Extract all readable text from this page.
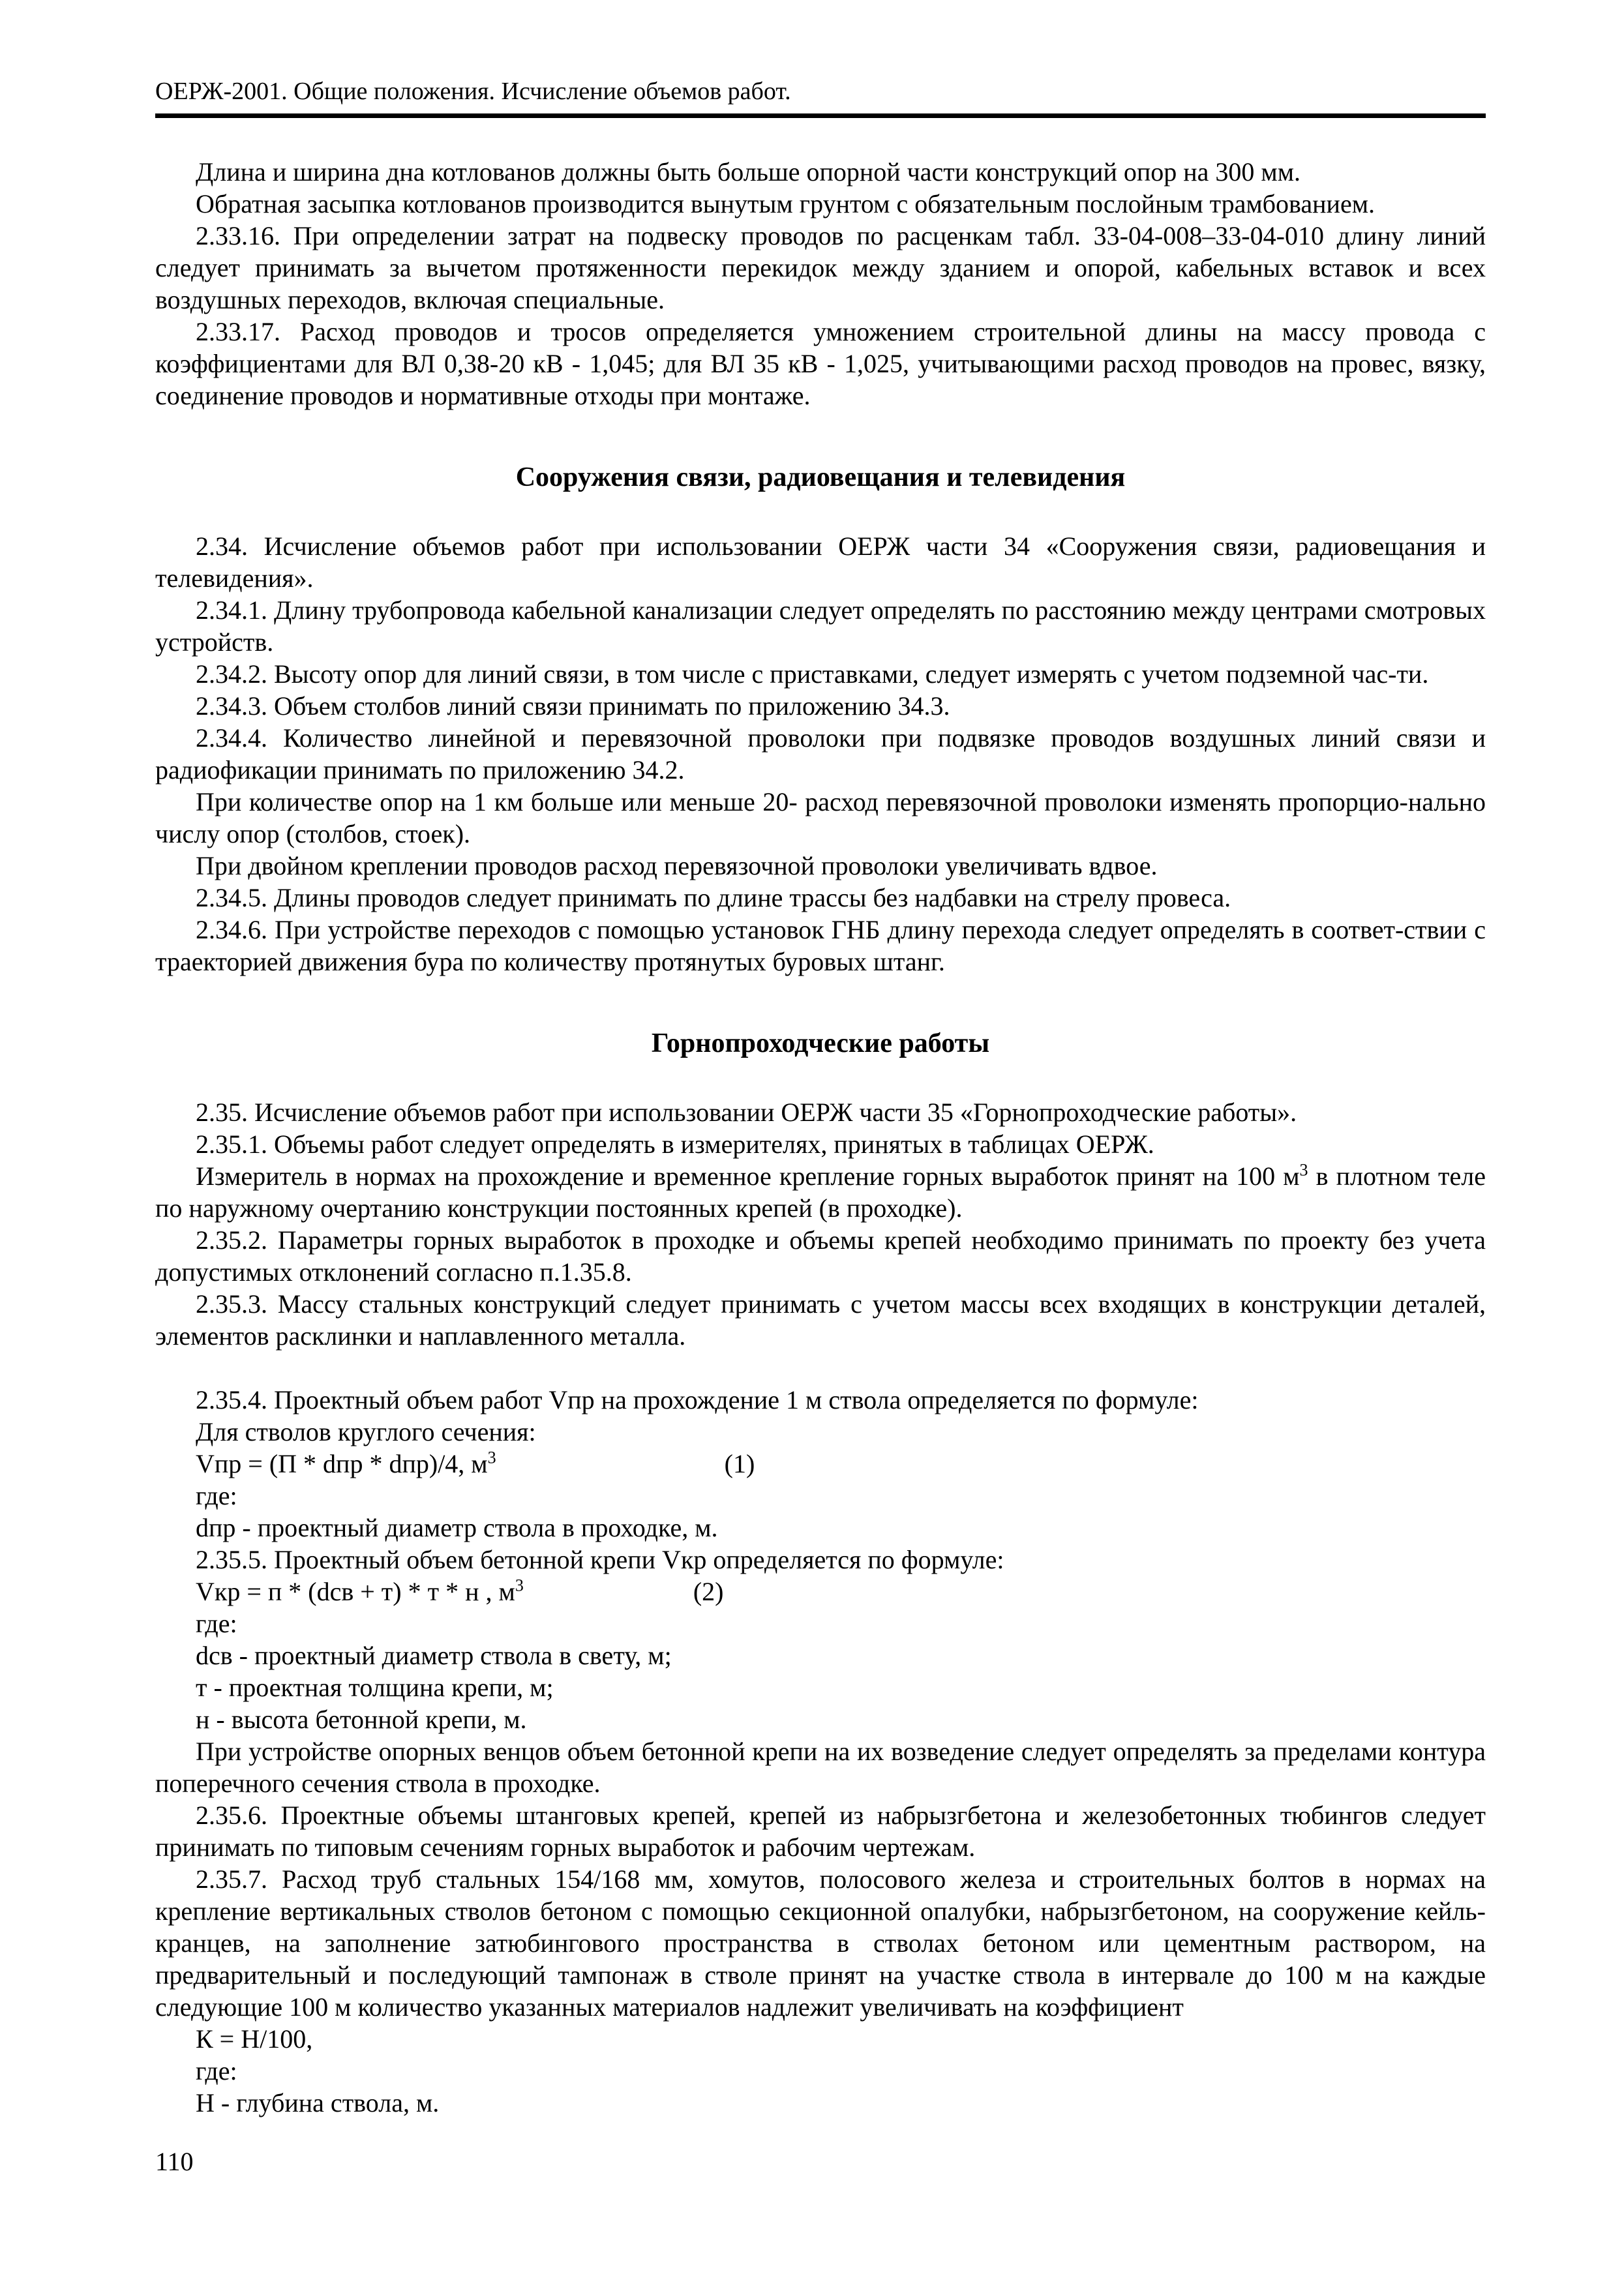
ОЕРЖ-2001. Общие положения. Исчисление объемов работ.

Длина и ширина дна котлованов должны быть больше опорной части конструкций опор на 300 мм.

Обратная засыпка котлованов производится вынутым грунтом с обязательным послойным трамбованием.

2.33.16. При определении затрат на подвеску проводов по расценкам табл. 33-04-008–33-04-010 длину линий следует принимать за вычетом протяженности перекидок между зданием и опорой, кабельных вставок и всех воздушных переходов, включая специальные.

2.33.17. Расход проводов и тросов определяется умножением строительной длины на массу провода с коэффициентами для ВЛ 0,38-20 кВ - 1,045; для ВЛ 35 кВ - 1,025, учитывающими расход проводов на провес, вязку, соединение проводов и нормативные отходы при монтаже.

Сооружения связи, радиовещания и телевидения

2.34. Исчисление объемов работ при использовании ОЕРЖ части 34 «Сооружения связи, радиовещания и телевидения».

2.34.1. Длину трубопровода кабельной канализации следует определять по расстоянию между центрами смотровых устройств.

2.34.2. Высоту опор для линий связи, в том числе с приставками, следует измерять с учетом подземной час-ти.

2.34.3. Объем столбов линий связи принимать по приложению 34.3.

2.34.4. Количество линейной и перевязочной проволоки при подвязке проводов воздушных линий связи и радиофикации принимать по приложению 34.2.

При количестве опор на 1 км больше или меньше 20- расход перевязочной проволоки изменять пропорцио-нально числу опор (столбов, стоек).

При двойном креплении проводов расход перевязочной проволоки увеличивать вдвое.

2.34.5. Длины проводов следует принимать по длине трассы без надбавки на стрелу провеса.

2.34.6. При устройстве переходов с помощью установок ГНБ длину перехода следует определять в соответ-ствии с траекторией движения бура по количеству протянутых буровых штанг.

Горнопроходческие работы

2.35. Исчисление объемов работ при использовании ОЕРЖ части 35 «Горнопроходческие работы».

2.35.1. Объемы работ следует определять в измерителях, принятых в таблицах ОЕРЖ.

Измеритель в нормах на прохождение и временное крепление горных выработок принят на 100 $м^3$ в плотном теле по наружному очертанию конструкции постоянных крепей (в проходке).

2.35.2. Параметры горных выработок в проходке и объемы крепей необходимо принимать по проекту без учета допустимых отклонений согласно п.1.35.8.

2.35.3. Массу стальных конструкций следует принимать с учетом массы всех входящих в конструкции деталей, элементов расклинки и наплавленного металла.

2.35.4. Проектный объем работ Vпр на прохождение 1 м ствола определяется по формуле:

Для стволов круглого сечения:

Vпр = (П * dпр * dпр)/4, $м^3$	(1)

где:

dпр - проектный диаметр ствола в проходке, м.

2.35.5. Проектный объем бетонной крепи Vкр определяется по формуле:

Vкр = п * (dсв + т) * т * н , $м^3$	(2)

где:

dсв - проектный диаметр ствола в свету, м;

т - проектная толщина крепи, м;

н - высота бетонной крепи, м.

При устройстве опорных венцов объем бетонной крепи на их возведение следует определять за пределами контура поперечного сечения ствола в проходке.

2.35.6. Проектные объемы штанговых крепей, крепей из набрызгбетона и железобетонных тюбингов следует принимать по типовым сечениям горных выработок и рабочим чертежам.

2.35.7. Расход труб стальных 154/168 мм, хомутов, полосового железа и строительных болтов в нормах на крепление вертикальных стволов бетоном с помощью секционной опалубки, набрызгбетоном, на сооружение кейль-кранцев, на заполнение затюбингового пространства в стволах бетоном или цементным раствором, на предварительный и последующий тампонаж в стволе принят на участке ствола в интервале до 100 м на каждые следующие 100 м количество указанных материалов надлежит увеличивать на коэффициент

К = Н/100,

где:

Н - глубина ствола, м.

110
